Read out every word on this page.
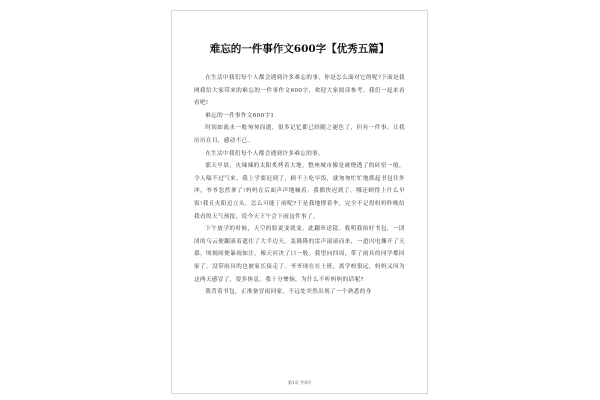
难忘的一件事作文600字【优秀五篇】

在生活中我们每个人都会遇到许多难忘的事，你是怎么面对它的呢?下面是我网我给大家带来的难忘的一件事作文600字，欢迎大家阅读参考，我们一起来看看吧!

难忘的一件事作文600字1

时间如流水一般匆匆而逝，很多记忆都已经随之褪色了，但有一件事，让我历历在目，感动不已。

在生活中我们每个人都会遇到许多难忘的事，

那天早晨，火辣辣的太阳炙烤着大地，整座城市像是被烧透了的砖窑一般，令人喘不过气来。我上学要迟到了，顾不上吃早饭，就匆匆忙忙地抓起书包往外冲，爷爷忽然拿了!妈妈在后面声声地喊着。我都快迟到了，哪还顾得上什么早饭!我且火阳迈立头。怎么可能丁雨呢?于是我地撑着伞，完全不记得妈妈昨晚给我看的天气预报，说今天下午会下雨这件事了。

下午放学的时候，天空的脸说变就变，此翻串送镜。我明我抬好书包，一团团的乌云便翻滚着遮住了大半边天。轰隆隆的雷声滚滚而来，一道闪电撕开了天幕，顷刻间便暴雨如注，像天河决了口一般。我望向四周，带了雨具的同学都回家了，没带雨具的也被家长接走了。爷爷现在在上班，离学校很远，妈妈又因为这两天感冒了，要多休息。我十分懊恼，为什么不听妈妈的话呢?

我背着书包，正准备冒雨回家，不远处突然出现了一个熟悉的身

第1页 共8页
